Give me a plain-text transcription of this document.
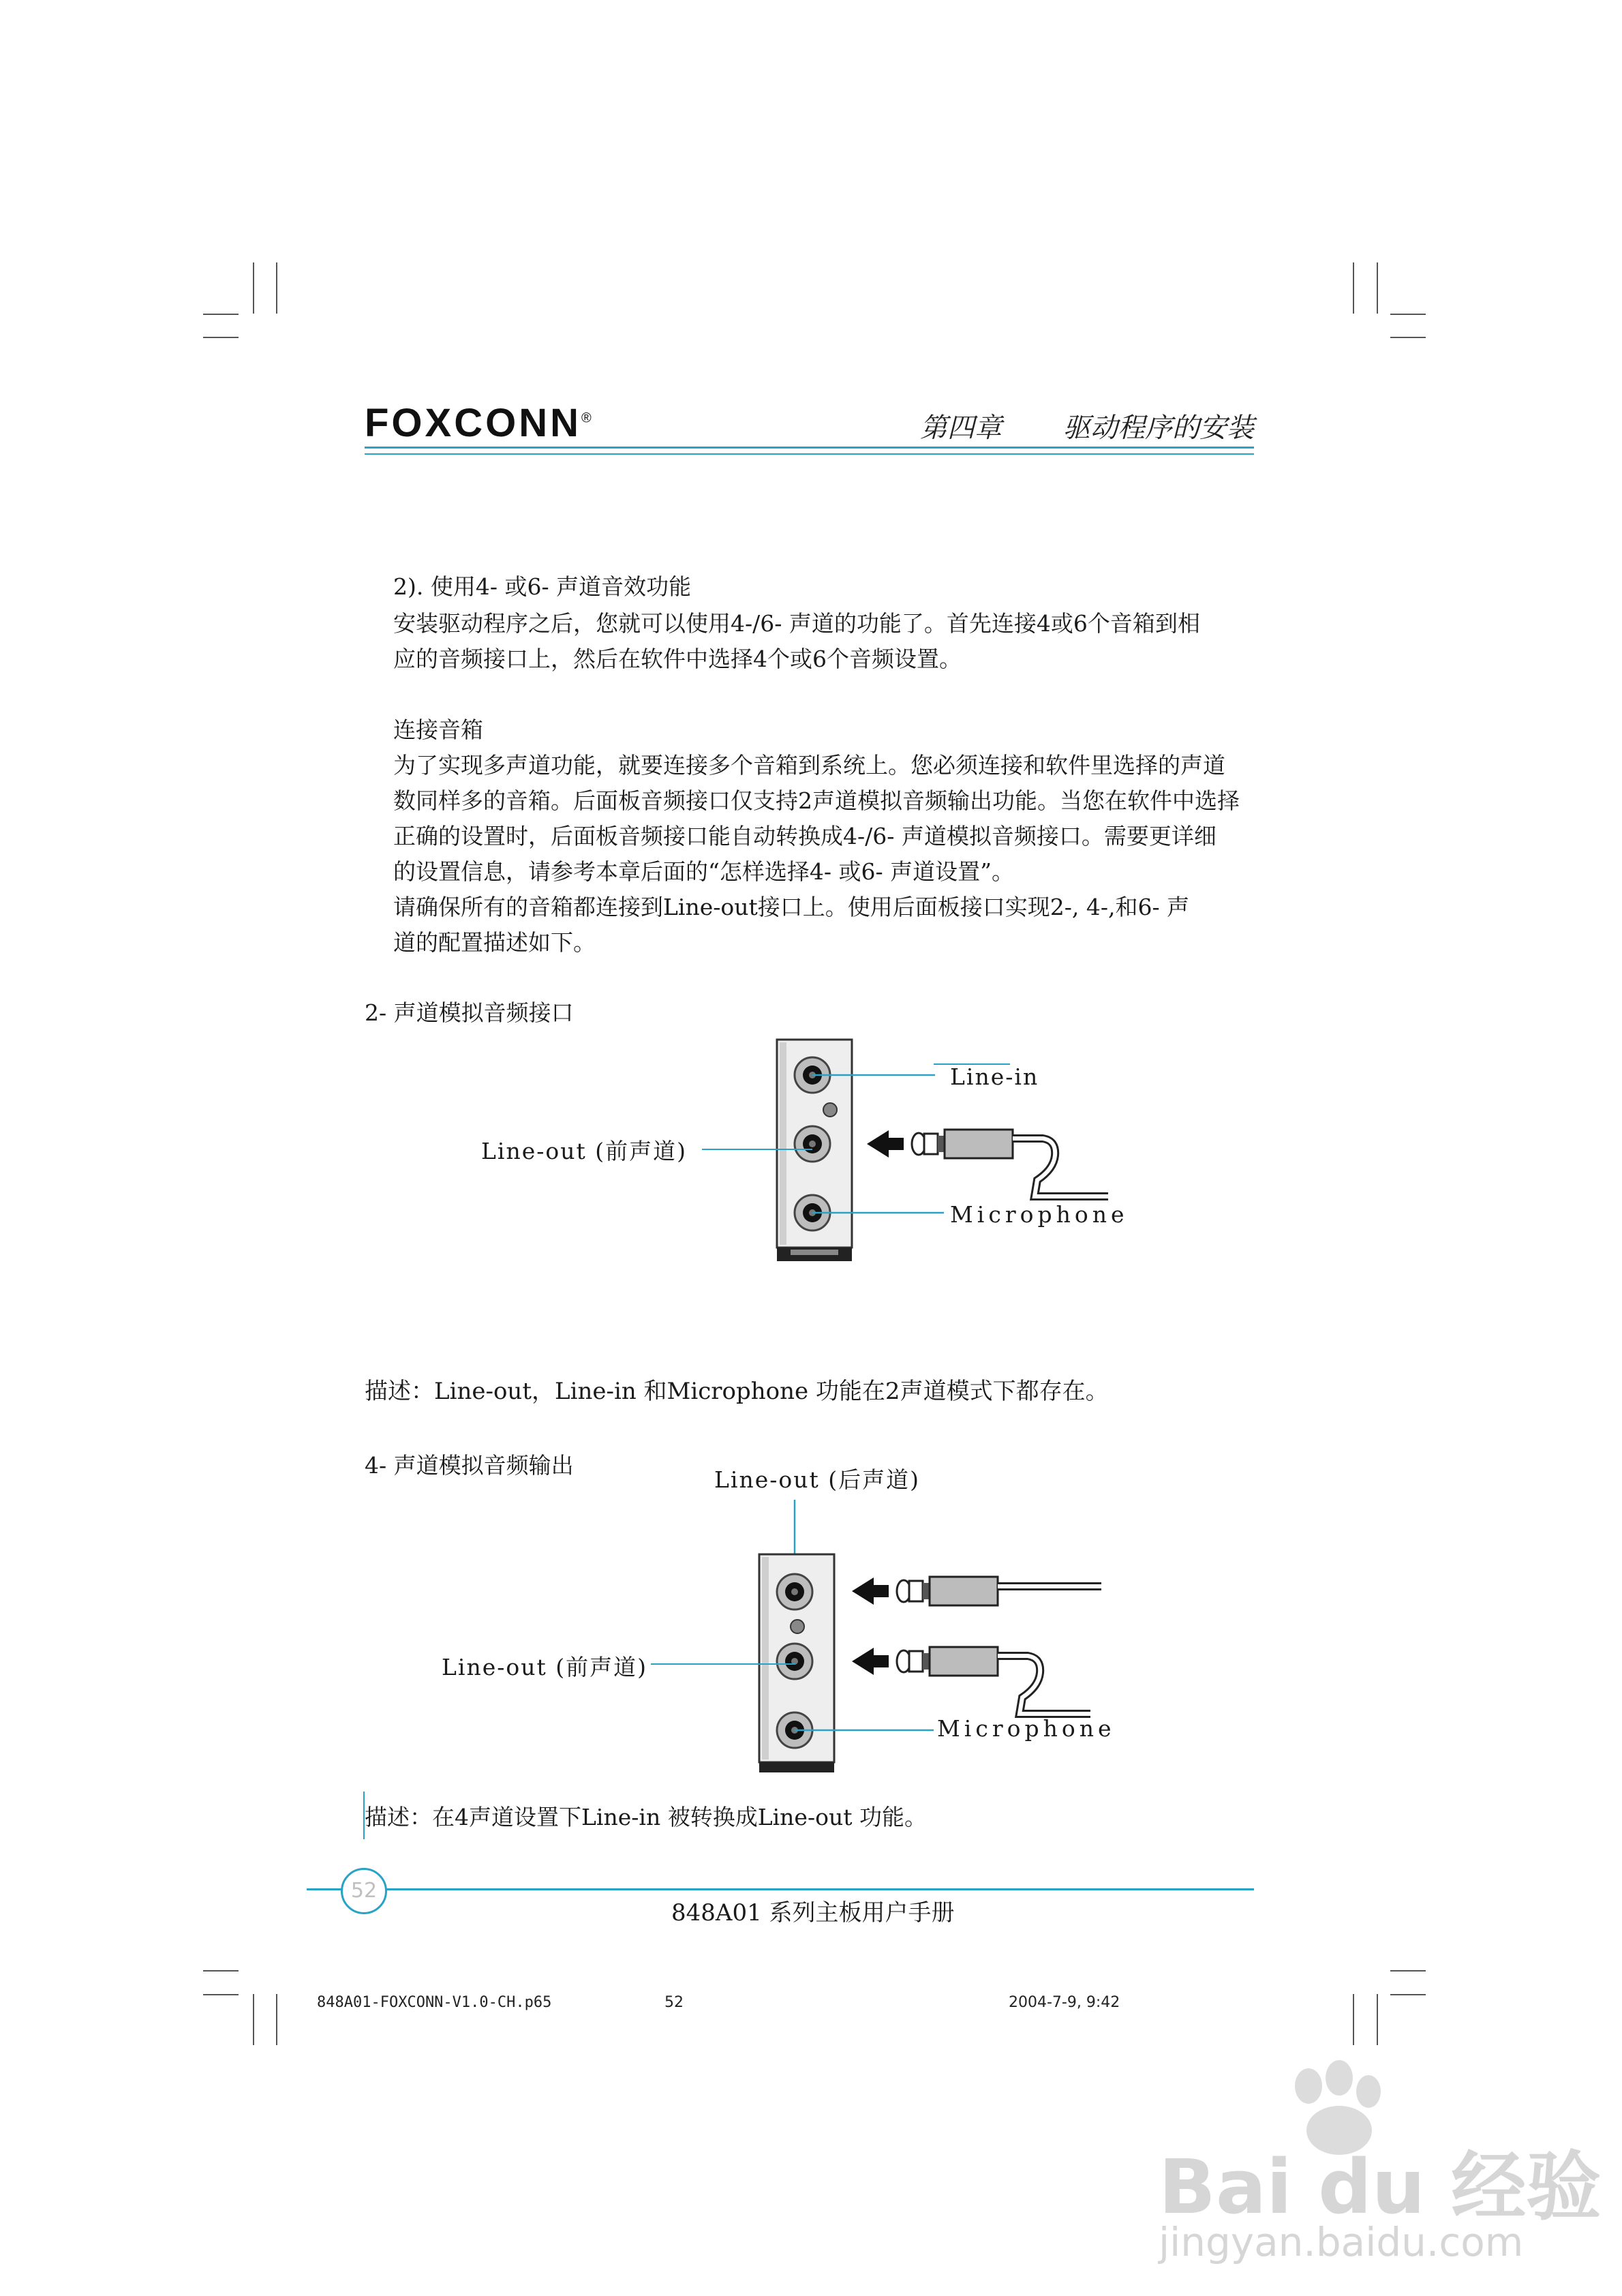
FOXCONN®	第四章 驱动程序的安装
2). 使用4- 或6- 声道音效功能
安装驱动程序之后，您就可以使用4-/6- 声道的功能了。首先连接4或6个音箱到相
应的音频接口上，然后在软件中选择4个或6个音频设置。
连接音箱
为了实现多声道功能，就要连接多个音箱到系统上。您必须连接和软件里选择的声道
数同样多的音箱。后面板音频接口仅支持2声道模拟音频输出功能。当您在软件中选择
正确的设置时，后面板音频接口能自动转换成4-/6- 声道模拟音频接口。需要更详细
的设置信息，请参考本章后面的“怎样选择4- 或6- 声道设置”。
请确保所有的音箱都连接到Line-out接口上。使用后面板接口实现2-, 4-,和6- 声
道的配置描述如下。
2- 声道模拟音频接口
Line-in
Line-out (前声道)
Microphone
描述：Line-out，Line-in 和Microphone 功能在2声道模式下都存在。
4- 声道模拟音频输出
Line-out (后声道)
Line-out (前声道)
Microphone
描述：在4声道设置下Line-in 被转换成Line-out 功能。
52
848A01 系列主板用户手册
848A01-FOXCONN-V1.0-CH.p65	52	2004-7-9, 9:42
Bai du 经验
jingyan.baidu.com
